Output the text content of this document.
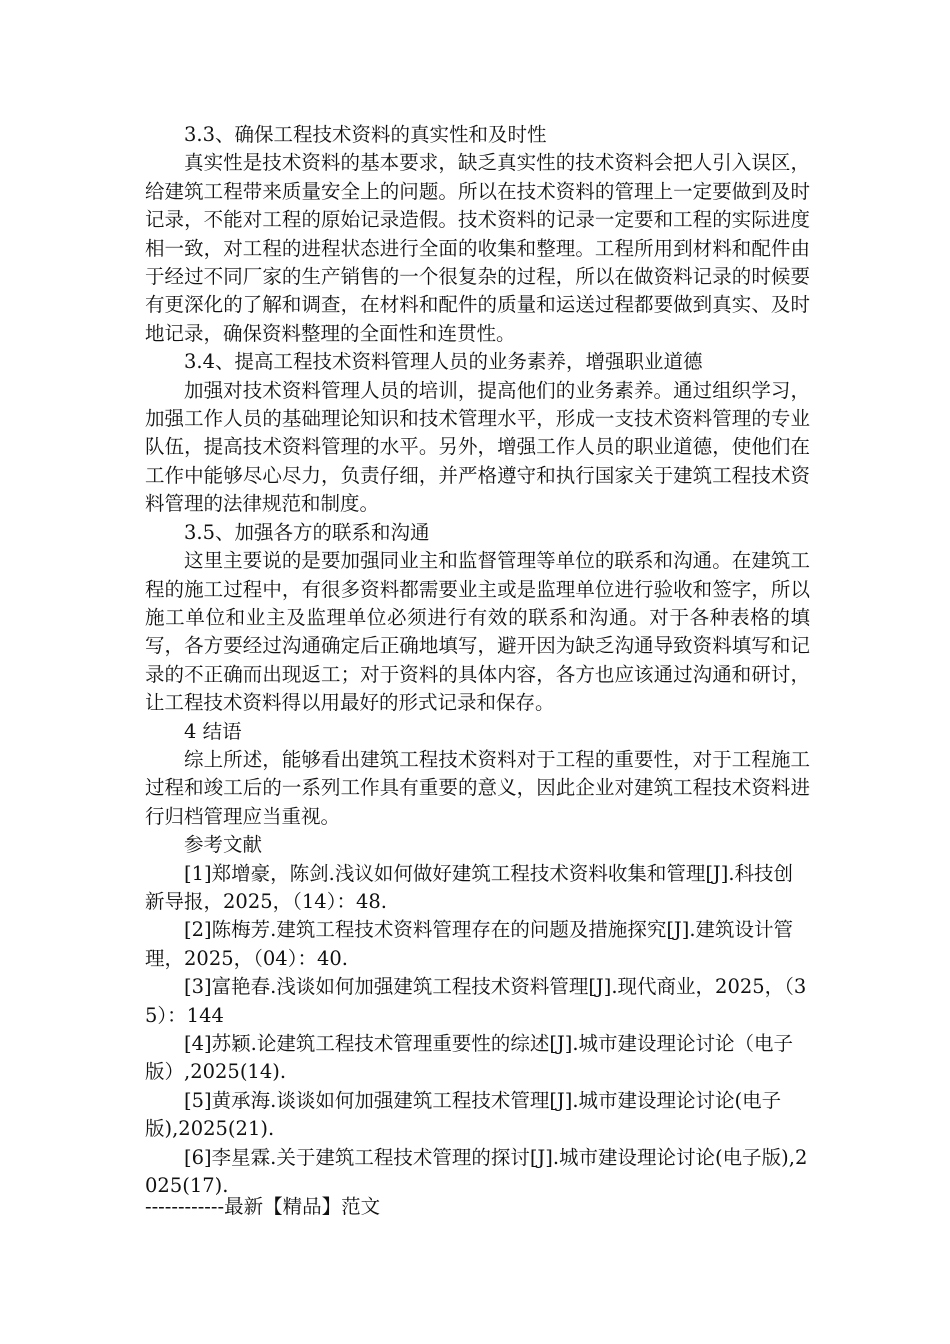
3.3、确保工程技术资料的真实性和及时性

真实性是技术资料的基本要求，缺乏真实性的技术资料会把人引入误区，给建筑工程带来质量安全上的问题。所以在技术资料的管理上一定要做到及时记录，不能对工程的原始记录造假。技术资料的记录一定要和工程的实际进度相一致，对工程的进程状态进行全面的收集和整理。工程所用到材料和配件由于经过不同厂家的生产销售的一个很复杂的过程，所以在做资料记录的时候要有更深化的了解和调查，在材料和配件的质量和运送过程都要做到真实、及时地记录，确保资料整理的全面性和连贯性。

3.4、提高工程技术资料管理人员的业务素养，增强职业道德

加强对技术资料管理人员的培训，提高他们的业务素养。通过组织学习，加强工作人员的基础理论知识和技术管理水平，形成一支技术资料管理的专业队伍，提高技术资料管理的水平。另外，增强工作人员的职业道德，使他们在工作中能够尽心尽力，负责仔细，并严格遵守和执行国家关于建筑工程技术资料管理的法律规范和制度。

3.5、加强各方的联系和沟通

这里主要说的是要加强同业主和监督管理等单位的联系和沟通。在建筑工程的施工过程中，有很多资料都需要业主或是监理单位进行验收和签字，所以施工单位和业主及监理单位必须进行有效的联系和沟通。对于各种表格的填写，各方要经过沟通确定后正确地填写，避开因为缺乏沟通导致资料填写和记录的不正确而出现返工；对于资料的具体内容，各方也应该通过沟通和研讨，让工程技术资料得以用最好的形式记录和保存。

4 结语

综上所述，能够看出建筑工程技术资料对于工程的重要性，对于工程施工过程和竣工后的一系列工作具有重要的意义，因此企业对建筑工程技术资料进行归档管理应当重视。

参考文献

[1]郑增豪，陈剑.浅议如何做好建筑工程技术资料收集和管理[J].科技创新导报，2025，（14）：48.

[2]陈梅芳.建筑工程技术资料管理存在的问题及措施探究[J].建筑设计管理，2025，（04）：40.

[3]富艳春.浅谈如何加强建筑工程技术资料管理[J].现代商业，2025，（35）：144

[4]苏颖.论建筑工程技术管理重要性的综述[J].城市建设理论讨论（电子版）,2025(14).

[5]黄承海.谈谈如何加强建筑工程技术管理[J].城市建设理论讨论(电子版),2025(21).

[6]李星霖.关于建筑工程技术管理的探讨[J].城市建设理论讨论(电子版),2025(17).

------------最新【精品】范文
